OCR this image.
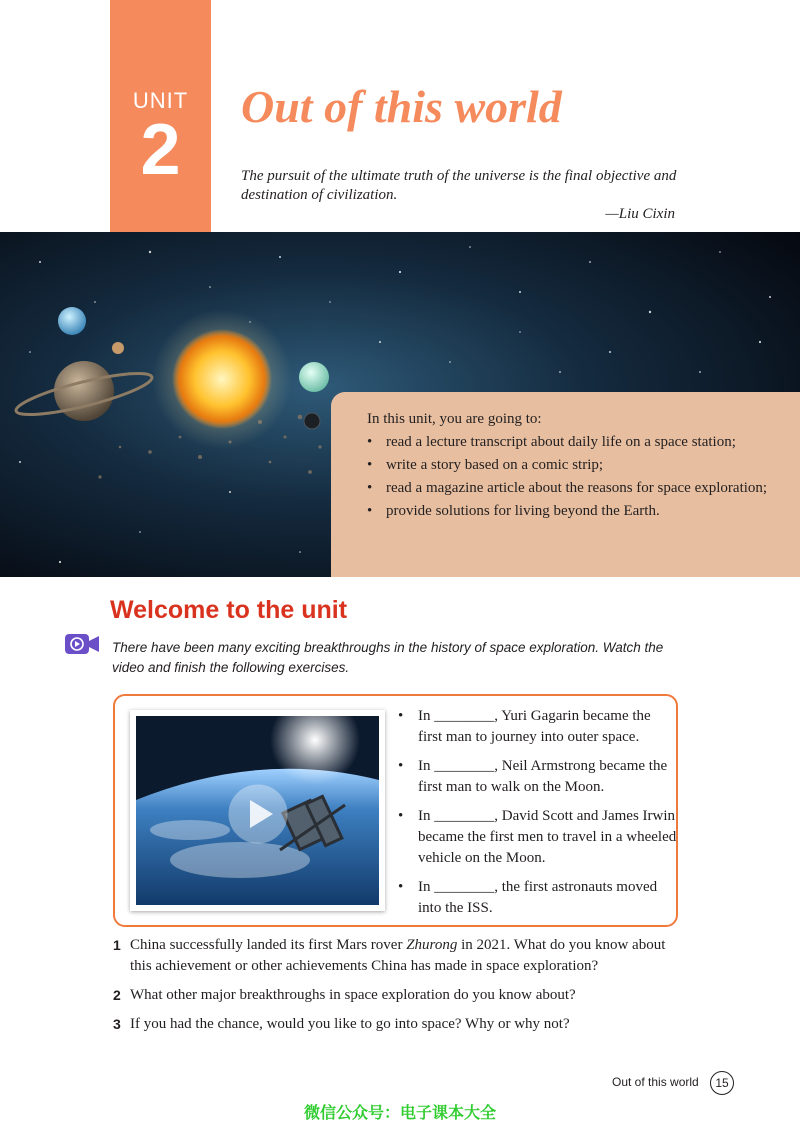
UNIT
2
Out of this world
The pursuit of the ultimate truth of the universe is the final objective and destination of civilization.
—Liu Cixin

In this unit, you are going to:

• read a lecture transcript about daily life on a space station;
• write a story based on a comic strip;
• read a magazine article about the reasons for space exploration;
• provide solutions for living beyond the Earth.
Welcome to the unit

There have been many exciting breakthroughs in the history of space exploration. Watch the video and finish the following exercises.

• In ________, Yuri Gagarin became the first man to journey into outer space.
• In ________, Neil Armstrong became the first man to walk on the Moon.
• In ________, David Scott and James Irwin became the first men to travel in a wheeled vehicle on the Moon.
• In ________, the first astronauts moved into the ISS.
1 China successfully landed its first Mars rover Zhurong in 2021. What do you know about this achievement or other achievements China has made in space exploration?
2 What other major breakthroughs in space exploration do you know about?
3 If you had the chance, would you like to go into space? Why or why not?
Out of this world	15
微信公众号：电子课本大全
